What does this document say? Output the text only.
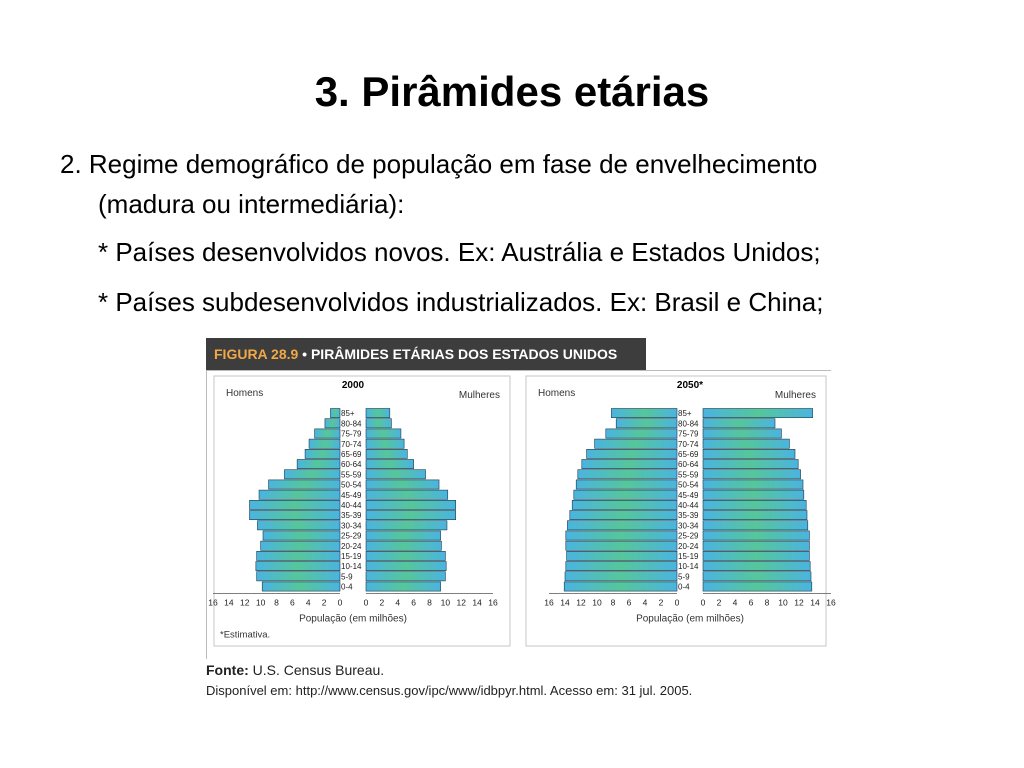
3. Pirâmides etárias
2. Regime demográfico de população em fase de envelhecimento
(madura ou intermediária):
* Países desenvolvidos novos. Ex: Austrália e Estados Unidos;
* Países subdesenvolvidos industrializados. Ex: Brasil e China;
FIGURA 28.9 • PIRÂMIDES ETÁRIAS DOS ESTADOS UNIDOS
2000
Homens	Mulheres
0-4
5-9
10-14
15-19
20-24
25-29
30-34
35-39
40-44
45-49
50-54
55-59
60-64
65-69
70-74
75-79
80-84
85+
0	0
2	2
4	4
6	6
8	8
10	10
12	12
14	14
16	16
População (em milhões)
2050*
Homens	Mulheres
0-4
5-9
10-14
15-19
20-24
25-29
30-34
35-39
40-44
45-49
50-54
55-59
60-64
65-69
70-74
75-79
80-84
85+
0	0
2	2
4	4
6	6
8	8
10	10
12	12
14	14
16	16
População (em milhões)
*Estimativa.
Fonte: U.S. Census Bureau.
Disponível em: http://www.census.gov/ipc/www/idbpyr.html. Acesso em: 31 jul. 2005.
